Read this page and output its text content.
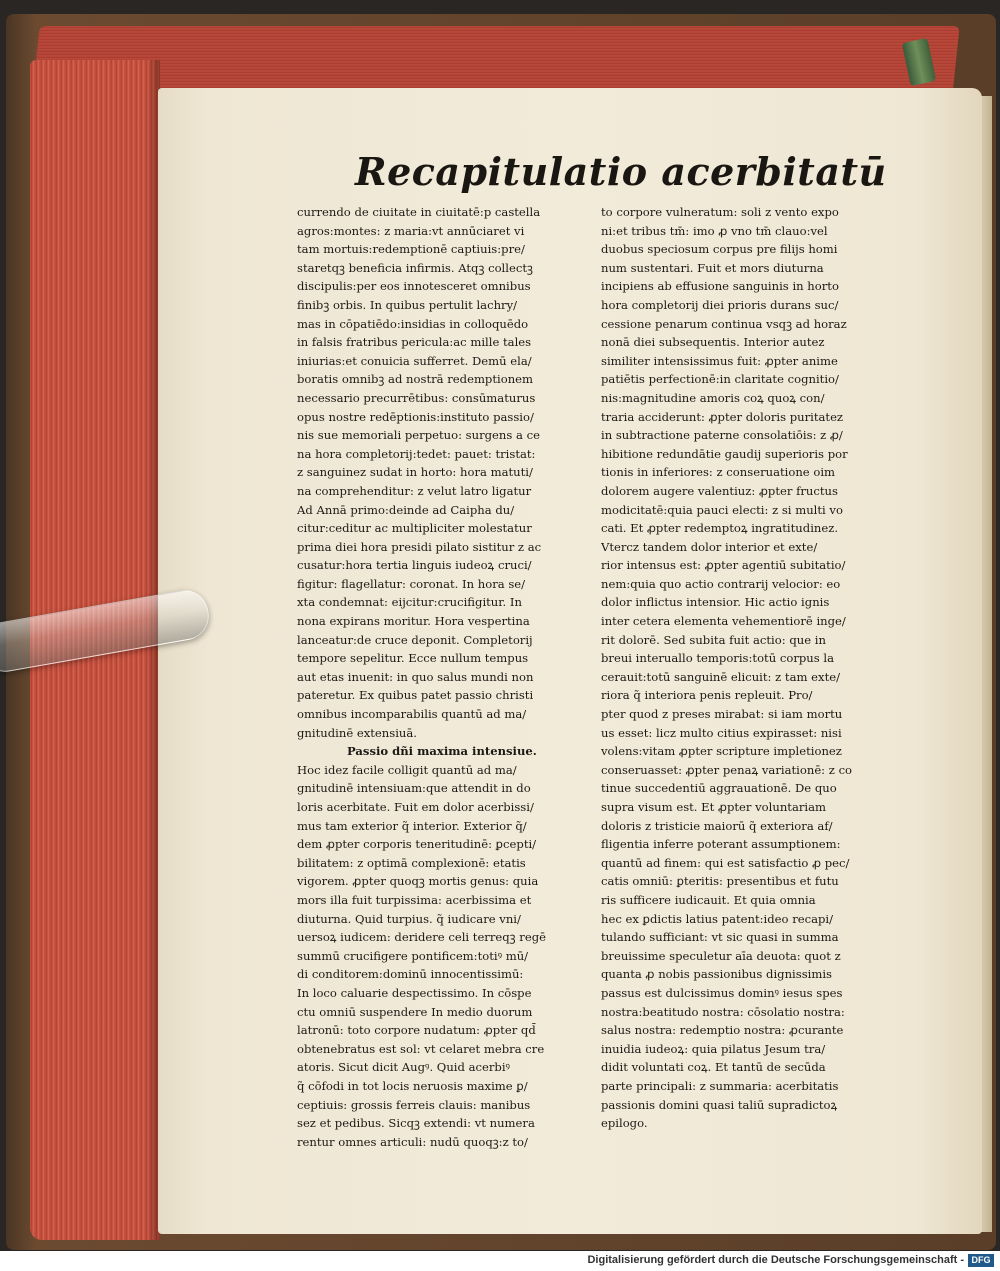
Recapitulatio acerbitatū
currendo de ciuitate in ciuitatē:p castella
agros:montes: z maria:vt annūciaret vi
tam mortuis:redemptionē captiuis:pre/
staretqꝫ beneficia infirmis. Atqꝫ collectꝫ
discipulis:per eos innotesceret omnibus
finibꝫ orbis. In quibus pertulit lachry/
mas in cōpatiēdo:insidias in colloquēdo
in falsis fratribus pericula:ac mille tales
iniurias:et conuicia sufferret. Demū ela/
boratis omnibꝫ ad nostrā redemptionem
necessario precurrētibus: consūmaturus
opus nostre redēptionis:instituto passio/
nis sue memoriali perpetuo: surgens a ce
na hora completorij:tedet: pauet: tristat:
z sanguinez sudat in horto: hora matuti/
na comprehenditur: z velut latro ligatur
Ad Annā primo:deinde ad Caipha du/
citur:ceditur ac multipliciter molestatur
prima diei hora presidi pilato sistitur z ac
cusatur:hora tertia linguis iudeoꝝ cruci/
figitur: flagellatur: coronat. In hora se/
xta condemnat: eijcitur:crucifigitur. In
nona expirans moritur. Hora vespertina
lanceatur:de cruce deponit. Completorij
tempore sepelitur. Ecce nullum tempus
aut etas inuenit: in quo salus mundi non
pateretur. Ex quibus patet passio christi
omnibus incomparabilis quantū ad ma/
gnitudinē extensiuā.
Passio dñi maxima intensiue.
Hoc idez facile colligit quantū ad ma/
gnitudinē intensiuam:que attendit in do
loris acerbitate. Fuit em dolor acerbissi/
mus tam exterior q̃ interior. Exterior q̃/
dem ꝓpter corporis teneritudinē: ꝑcepti/
bilitatem: z optimā complexionē: etatis
vigorem. ꝓpter quoqꝫ mortis genus: quia
mors illa fuit turpissima: acerbissima et
diuturna. Quid turpius. q̃ iudicare vni/
uersoꝝ iudicem: deridere celi terreqꝫ regē
summū crucifigere pontificem:totiꝰ mū/
di conditorem:dominū innocentissimū:
In loco caluarie despectissimo. In cōspe
ctu omniū suspendere In medio duorum
latronū: toto corpore nudatum: ꝓpter qd̄
obtenebratus est sol: vt celaret mebra cre
atoris. Sicut dicit Augꝰ. Quid acerbiꝰ
q̃ cōfodi in tot locis neruosis maxime ꝑ/
ceptiuis: grossis ferreis clauis: manibus
sez et pedibus. Sicqꝫ extendi: vt numera
rentur omnes articuli: nudū quoqꝫ:z to/
to corpore vulneratum: soli z vento expo
ni:et tribus tm̄: imo ꝓ vno tm̄ clauo:vel
duobus speciosum corpus pre filijs homi
num sustentari. Fuit et mors diuturna
incipiens ab effusione sanguinis in horto
hora completorij diei prioris durans suc/
cessione penarum continua vsqꝫ ad horaz
nonā diei subsequentis. Interior autez
similiter intensissimus fuit: ꝓpter anime
patiētis perfectionē:in claritate cognitio/
nis:magnitudine amoris coꝝ quoꝝ con/
traria acciderunt: ꝓpter doloris puritatez
in subtractione paterne consolatiōis: z ꝓ/
hibitione redundātie gaudij superioris por
tionis in inferiores: z conseruatione oim
dolorem augere valentiuz: ꝓpter fructus
modicitatē:quia pauci electi: z si multi vo
cati. Et ꝓpter redemptoꝝ ingratitudinez.
Vtercz tandem dolor interior et exte/
rior intensus est: ꝓpter agentiū subitatio/
nem:quia quo actio contrarij velocior: eo
dolor inflictus intensior. Hic actio ignis
inter cetera elementa vehementiorē inge/
rit dolorē. Sed subita fuit actio: que in
breui interuallo temporis:totū corpus la
cerauit:totū sanguinē elicuit: z tam exte/
riora q̃ interiora penis repleuit. Pro/
pter quod z preses mirabat: si iam mortu
us esset: licz multo citius expirasset: nisi
volens:vitam ꝓpter scripture impletionez
conseruasset: ꝓpter penaꝝ variationē: z co
tinue succedentiū aggrauationē. De quo
supra visum est. Et ꝓpter voluntariam
doloris z tristicie maiorū q̃ exteriora af/
fligentia inferre poterant assumptionem:
quantū ad finem: qui est satisfactio ꝓ pec/
catis omniū: ꝑteritis: presentibus et futu
ris sufficere iudicauit. Et quia omnia
hec ex ꝑdictis latius patent:ideo recapi/
tulando sufficiant: vt sic quasi in summa
breuissime speculetur aīa deuota: quot z
quanta ꝓ nobis passionibus dignissimis
passus est dulcissimus dominꝰ iesus spes
nostra:beatitudo nostra: cōsolatio nostra:
salus nostra: redemptio nostra: ꝓcurante
inuidia iudeoꝝ: quia pilatus Jesum tra/
didit voluntati coꝝ. Et tantū de secūda
parte principali: z summaria: acerbitatis
passionis domini quasi taliū supradictoꝝ
epilogo.
Digitalisierung gefördert durch die Deutsche Forschungsgemeinschaft - DFG
